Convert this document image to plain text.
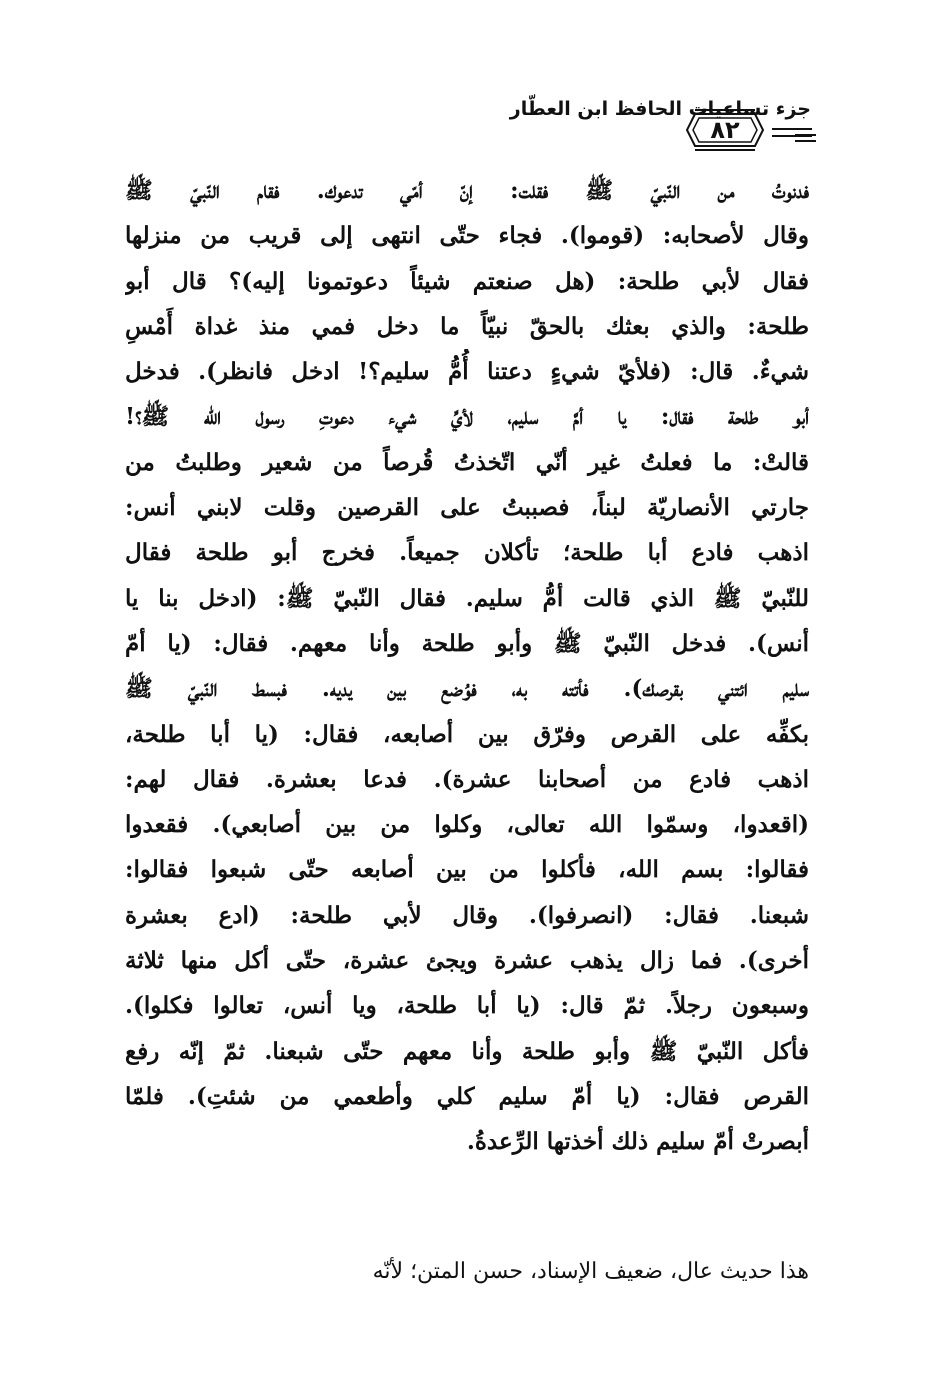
جزء تساعيات الحافظ ابن العطّار
٨٢
فدنوتُ من النّبيّ ﷺ فقلت: إنّ أمّي تدعوك. فقام النّبيّ ﷺ
وقال لأصحابه: (قوموا). فجاء حتّى انتهى إلى قريب من منزلها
فقال لأبي طلحة: (هل صنعتم شيئاً دعوتمونا إليه)؟ قال أبو
طلحة: والذي بعثك بالحقّ نبيّاً ما دخل فمي منذ غداة أَمْسِ
شيءٌ. قال: (فلأيّ شيءٍ دعتنا أُمُّ سليم؟! ادخل فانظر). فدخل
أبو طلحة فقال: يا أمَّ سليم، لأيِّ شيء دعوتِ رسول الله ﷺ؟!
قالتْ: ما فعلتُ غير أنّي اتّخذتُ قُرصاً من شعير وطلبتُ من
جارتي الأنصاريّة لبناً، فصببتُ على القرصين وقلت لابني أنس:
اذهب فادع أبا طلحة؛ تأكلان جميعاً. فخرج أبو طلحة فقال
للنّبيّ ﷺ الذي قالت أمُّ سليم. فقال النّبيّ ﷺ: (ادخل بنا يا
أنس). فدخل النّبيّ ﷺ وأبو طلحة وأنا معهم. فقال: (يا أمّ
سليم ائتني بقرصك). فأتته به، فوُضع بين يديه. فبسط النّبيّ ﷺ
بكفِّه على القرص وفرّق بين أصابعه، فقال: (يا أبا طلحة،
اذهب فادع من أصحابنا عشرة). فدعا بعشرة. فقال لهم:
(اقعدوا، وسمّوا الله تعالى، وكلوا من بين أصابعي). فقعدوا
فقالوا: بسم الله، فأكلوا من بين أصابعه حتّى شبعوا فقالوا:
شبعنا. فقال: (انصرفوا). وقال لأبي طلحة: (ادع بعشرة
أخرى). فما زال يذهب عشرة ويجئ عشرة، حتّى أكل منها ثلاثة
وسبعون رجلاً. ثمّ قال: (يا أبا طلحة، ويا أنس، تعالوا فكلوا).
فأكل النّبيّ ﷺ وأبو طلحة وأنا معهم حتّى شبعنا. ثمّ إنّه رفع
القرص فقال: (يا أمّ سليم كلي وأطعمي من شئتِ). فلمّا
أبصرتْ أمّ سليم ذلك أخذتها الرِّعدةُ.
هذا حديث عال، ضعيف الإسناد، حسن المتن؛ لأنّه
